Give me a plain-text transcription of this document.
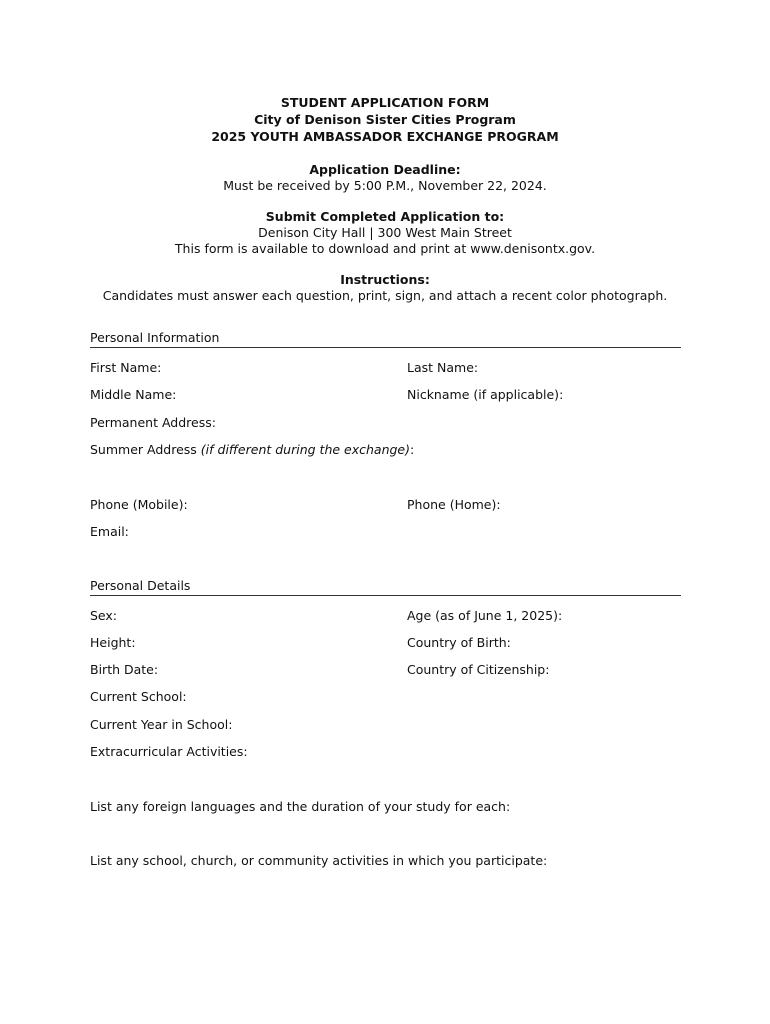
STUDENT APPLICATION FORM
City of Denison Sister Cities Program
2025 YOUTH AMBASSADOR EXCHANGE PROGRAM
Application Deadline:
Must be received by 5:00 P.M., November 22, 2024.
Submit Completed Application to:
Denison City Hall | 300 West Main Street
This form is available to download and print at www.denisontx.gov.
Instructions:
Candidates must answer each question, print, sign, and attach a recent color photograph.
Personal Information
First Name:	Last Name:
Middle Name:	Nickname (if applicable):
Permanent Address:
Summer Address (if different during the exchange):
Phone (Mobile):	Phone (Home):
Email:
Personal Details
Sex:	Age (as of June 1, 2025):
Height:	Country of Birth:
Birth Date:	Country of Citizenship:
Current School:
Current Year in School:
Extracurricular Activities:
List any foreign languages and the duration of your study for each:
List any school, church, or community activities in which you participate:
